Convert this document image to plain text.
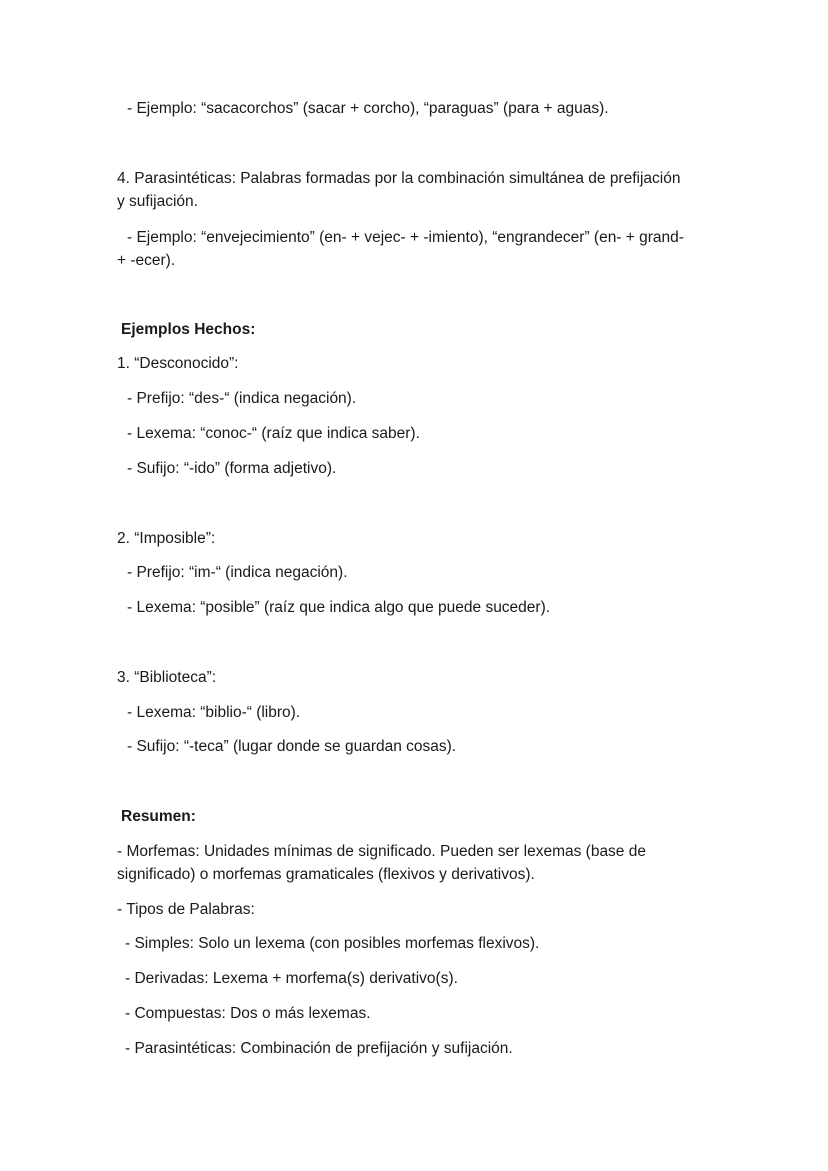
- Ejemplo: “sacacorchos” (sacar + corcho), “paraguas” (para + aguas).
4. Parasintéticas: Palabras formadas por la combinación simultánea de prefijación
y sufijación.
- Ejemplo: “envejecimiento” (en- + vejec- + -imiento), “engrandecer” (en- + grand-
+ -ecer).
Ejemplos Hechos:
1. “Desconocido”:
- Prefijo: “des-“ (indica negación).
- Lexema: “conoc-“ (raíz que indica saber).
- Sufijo: “-ido” (forma adjetivo).
2. “Imposible”:
- Prefijo: “im-“ (indica negación).
- Lexema: “posible” (raíz que indica algo que puede suceder).
3. “Biblioteca”:
- Lexema: “biblio-“ (libro).
- Sufijo: “-teca” (lugar donde se guardan cosas).
Resumen:
- Morfemas: Unidades mínimas de significado. Pueden ser lexemas (base de
significado) o morfemas gramaticales (flexivos y derivativos).
- Tipos de Palabras:
- Simples: Solo un lexema (con posibles morfemas flexivos).
- Derivadas: Lexema + morfema(s) derivativo(s).
- Compuestas: Dos o más lexemas.
- Parasintéticas: Combinación de prefijación y sufijación.
